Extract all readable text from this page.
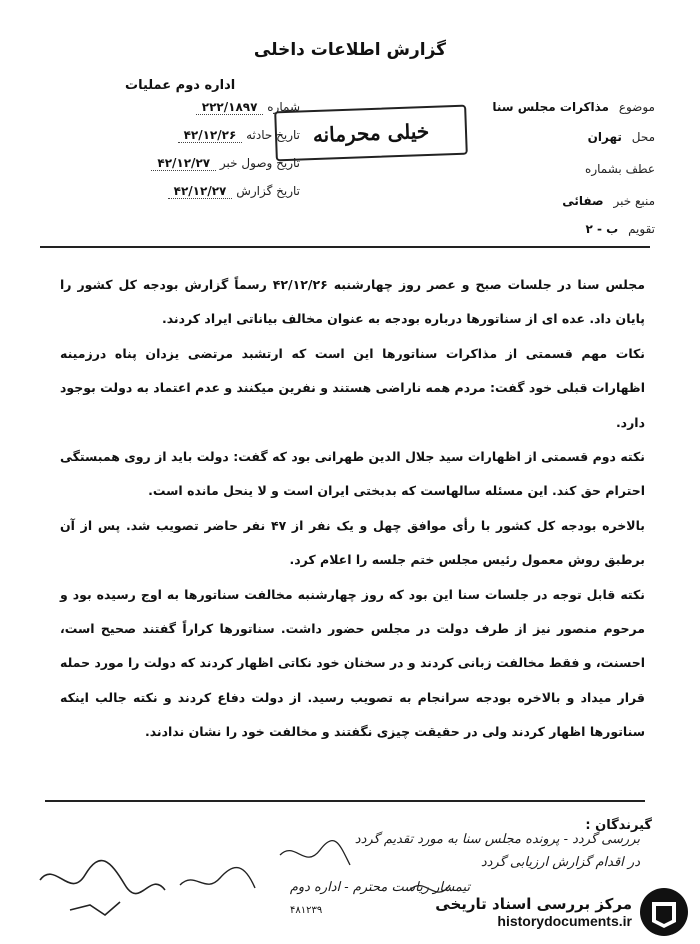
گزارش اطلاعات داخلی
اداره دوم عملیات
شماره ۲۲۲/۱۸۹۷
تاریخ حادثه ۴۲/۱۲/۲۶
تاریخ وصول خبر ۴۲/۱۲/۲۷
تاریخ گزارش ۴۲/۱۲/۲۷
موضوع مذاکرات مجلس سنا
محل تهران
عطف بشماره
منبع خبر صفائی
تقویم ب - ۲
خیلی محرمانه

مجلس سنا در جلسات صبح و عصر روز چهارشنبه ۴۲/۱۲/۲۶ رسماً گزارش بودجه کل کشور را پایان داد. عده ای از سناتورها درباره بودجه به عنوان مخالف بیاناتی ایراد کردند.

نکات مهم قسمتی از مذاکرات سناتورها این است که ارتشبد مرتضی یزدان پناه درزمینه اظهارات قبلی خود گفت: مردم همه ناراضی هستند و نفرین میکنند و عدم اعتماد به دولت بوجود دارد.

نکته دوم قسمتی از اظهارات سید جلال الدین طهرانی بود که گفت: دولت باید از روی همبستگی احترام حق کند. این مسئله سالهاست که بدبختی ایران است و لا ینحل مانده است.

بالاخره بودجه کل کشور با رأی موافق چهل و یک نفر از ۴۷ نفر حاضر تصویب شد. پس از آن برطبق روش معمول رئیس مجلس ختم جلسه را اعلام کرد.

نکته قابل توجه در جلسات سنا این بود که روز چهارشنبه مخالفت سناتورها به اوج رسیده بود و مرحوم منصور نیز از طرف دولت در مجلس حضور داشت. سناتورها کراراً گفتند صحیح است، احسنت، و فقط مخالفت زبانی کردند و در سخنان خود نکاتی اظهار کردند که دولت را مورد حمله قرار میداد و بالاخره بودجه سرانجام به تصویب رسید. از دولت دفاع کردند و نکته جالب اینکه سناتورها اظهار کردند ولی در حقیقت چیزی نگفتند و مخالفت خود را نشان ندادند.

گیرندگان :
بررسی گردد - پرونده مجلس سنا به مورد تقدیم گردد
در اقدام گزارش ارزیابی گردد
تیمسار ریاست محترم - اداره دوم
۴۸۱۲۳۹	مرکز بررسی اسناد تاریخی
historydocuments.ir
